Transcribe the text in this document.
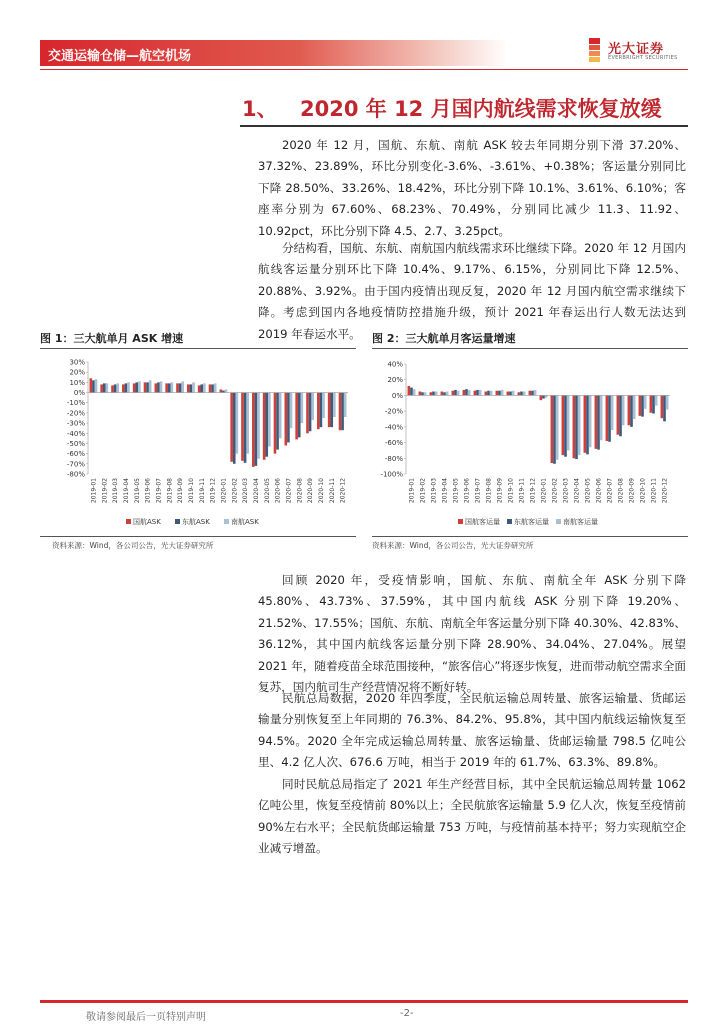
交通运输仓储—航空机场	光大证券
EVERBRIGHT SECURITIES
1、 2020 年 12 月国内航线需求恢复放缓

2020 年 12 月，国航、东航、南航 ASK 较去年同期分别下滑 37.20%、37.32%、23.89%，环比分别变化-3.6%、-3.61%、+0.38%；客运量分别同比下降 28.50%、33.26%、18.42%，环比分别下降 10.1%、3.61%、6.10%；客座率分别为 67.60%、68.23%、70.49%，分别同比减少 11.3、11.92、10.92pct，环比分别下降 4.5、2.7、3.25pct。

分结构看，国航、东航、南航国内航线需求环比继续下降。2020 年 12 月国内航线客运量分别环比下降 10.4%、9.17%、6.15%，分别同比下降 12.5%、20.88%、3.92%。由于国内疫情出现反复，2020 年 12 月国内航空需求继续下降。考虑到国内各地疫情防控措施升级，预计 2021 年春运出行人数无法达到 2019 年春运水平。

图 1：三大航单月 ASK 增速
30%
20%
10%
0%
-10%
-20%
-30%
-40%
-50%
-60%
-70%
-80%
2019-01 2019-02 2019-03 2019-04 2019-05 2019-06 2019-07 2019-08 2019-09 2019-10 2019-11 2019-12 2020-01 2020-02 2020-03 2020-04 2020-05 2020-06 2020-07 2020-08 2020-09 2020-10 2020-11 2020-12
国航ASK	东航ASK	南航ASK
资料来源：Wind，各公司公告，光大证券研究所
图 2：三大航单月客运量增速
40%
20%
0%
-20%
-40%
-60%
-80%
-100%
2019-01 2019-02 2019-03 2019-04 2019-05 2019-06 2019-07 2019-08 2019-09 2019-10 2019-11 2019-12 2020-01 2020-02 2020-03 2020-04 2020-05 2020-06 2020-07 2020-08 2020-09 2020-10 2020-11 2020-12
国航客运量 东航客运量 南航客运量
资料来源：Wind，各公司公告，光大证券研究所

回顾 2020 年，受疫情影响，国航、东航、南航全年 ASK 分别下降 45.80%、43.73%、37.59%，其中国内航线 ASK 分别下降 19.20%、21.52%、17.55%；国航、东航、南航全年客运量分别下降 40.30%、42.83%、36.12%，其中国内航线客运量分别下降 28.90%、34.04%、27.04%。展望 2021 年，随着疫苗全球范围接种，“旅客信心”将逐步恢复，进而带动航空需求全面复苏，国内航司生产经营情况将不断好转。

民航总局数据，2020 年四季度，全民航运输总周转量、旅客运输量、货邮运输量分别恢复至上年同期的 76.3%、84.2%、95.8%，其中国内航线运输恢复至 94.5%。2020 全年完成运输总周转量、旅客运输量、货邮运输量 798.5 亿吨公里、4.2 亿人次、676.6 万吨，相当于 2019 年的 61.7%、63.3%、89.8%。

同时民航总局指定了 2021 年生产经营目标，其中全民航运输总周转量 1062 亿吨公里，恢复至疫情前 80%以上；全民航旅客运输量 5.9 亿人次，恢复至疫情前 90%左右水平；全民航货邮运输量 753 万吨，与疫情前基本持平；努力实现航空企业减亏增盈。

敬请参阅最后一页特别声明	-2-
